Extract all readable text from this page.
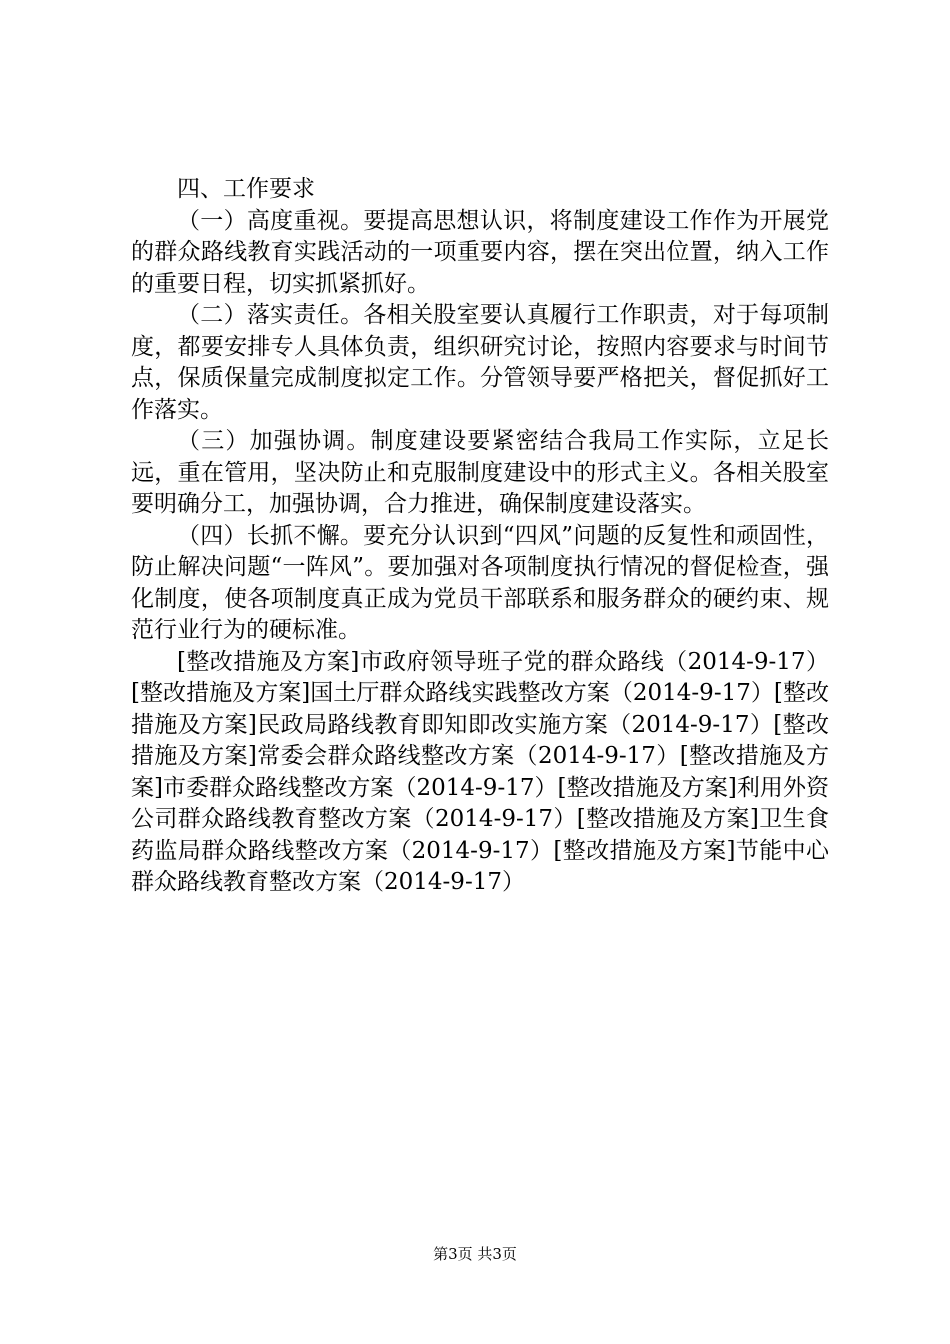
四、工作要求

（一）高度重视。要提高思想认识，将制度建设工作作为开展党的群众路线教育实践活动的一项重要内容，摆在突出位置，纳入工作的重要日程，切实抓紧抓好。

（二）落实责任。各相关股室要认真履行工作职责，对于每项制度，都要安排专人具体负责，组织研究讨论，按照内容要求与时间节点，保质保量完成制度拟定工作。分管领导要严格把关，督促抓好工作落实。

（三）加强协调。制度建设要紧密结合我局工作实际，立足长远，重在管用，坚决防止和克服制度建设中的形式主义。各相关股室要明确分工，加强协调，合力推进，确保制度建设落实。

（四）长抓不懈。要充分认识到“四风”问题的反复性和顽固性，防止解决问题“一阵风”。要加强对各项制度执行情况的督促检查，强化制度，使各项制度真正成为党员干部联系和服务群众的硬约束、规范行业行为的硬标准。

[整改措施及方案]市政府领导班子党的群众路线（2014-9-17）[整改措施及方案]国土厅群众路线实践整改方案（2014-9-17）[整改措施及方案]民政局路线教育即知即改实施方案（2014-9-17）[整改措施及方案]常委会群众路线整改方案（2014-9-17）[整改措施及方案]市委群众路线整改方案（2014-9-17）[整改措施及方案]利用外资公司群众路线教育整改方案（2014-9-17）[整改措施及方案]卫生食药监局群众路线整改方案（2014-9-17）[整改措施及方案]节能中心群众路线教育整改方案（2014-9-17）

第3页 共3页
